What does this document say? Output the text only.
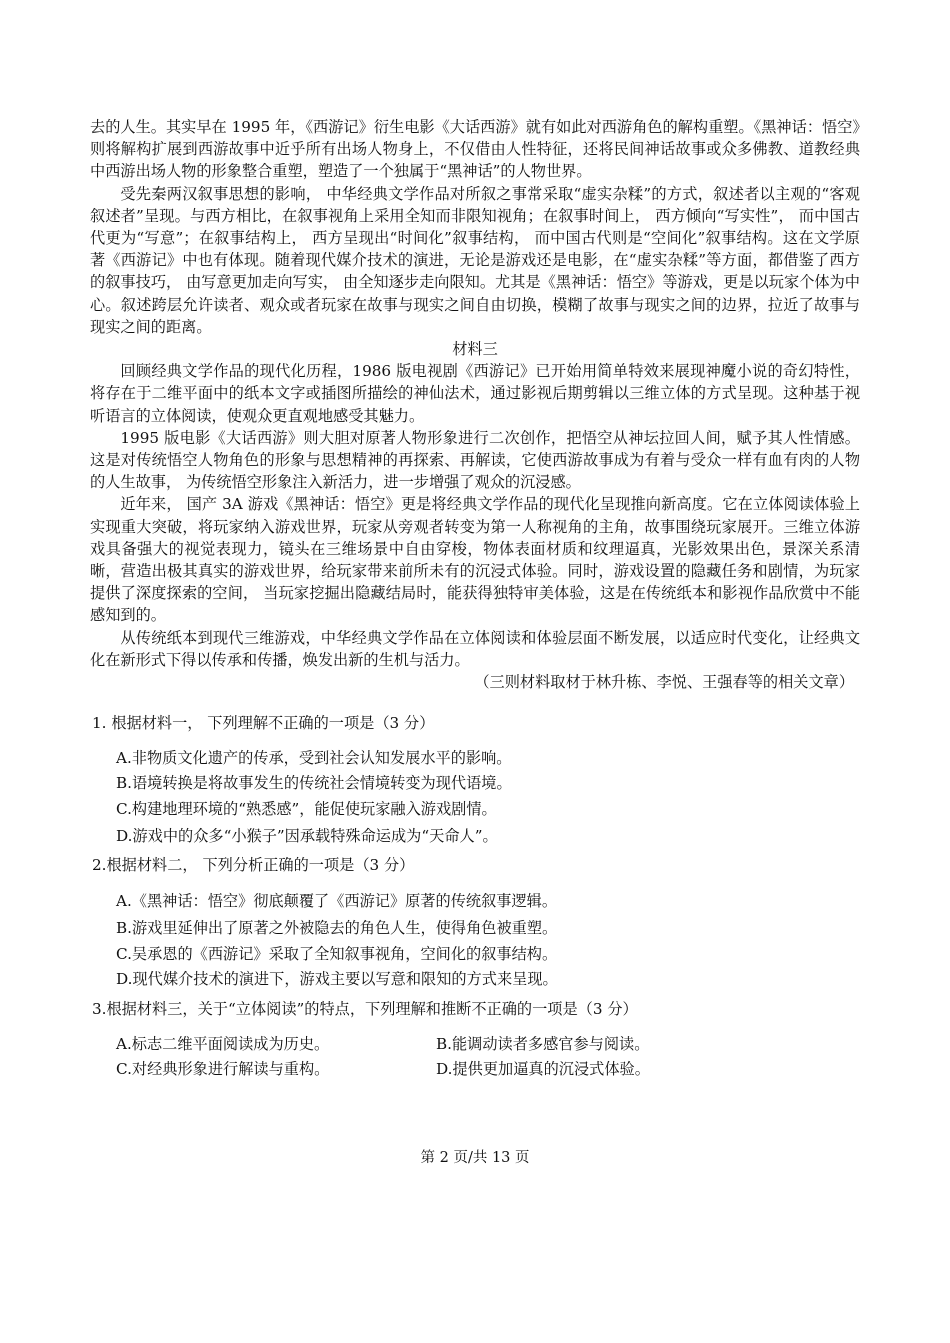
去的人生。其实早在 1995 年，《西游记》衍生电影《大话西游》就有如此对西游角色的解构重塑。《黑神话：悟空》则将解构扩展到西游故事中近乎所有出场人物身上，不仅借由人性特征，还将民间神话故事或众多佛教、道教经典中西游出场人物的形象整合重塑，塑造了一个独属于“黑神话”的人物世界。

受先秦两汉叙事思想的影响， 中华经典文学作品对所叙之事常采取“虚实杂糅”的方式，叙述者以主观的“客观叙述者”呈现。与西方相比，在叙事视角上采用全知而非限知视角；在叙事时间上， 西方倾向“写实性”， 而中国古代更为“写意”；在叙事结构上， 西方呈现出“时间化”叙事结构， 而中国古代则是“空间化”叙事结构。这在文学原著《西游记》中也有体现。随着现代媒介技术的演进，无论是游戏还是电影，在“虚实杂糅”等方面，都借鉴了西方的叙事技巧， 由写意更加走向写实， 由全知逐步走向限知。尤其是《黑神话：悟空》等游戏，更是以玩家个体为中心。叙述跨层允许读者、观众或者玩家在故事与现实之间自由切换，模糊了故事与现实之间的边界，拉近了故事与现实之间的距离。

材料三

回顾经典文学作品的现代化历程，1986 版电视剧《西游记》已开始用简单特效来展现神魔小说的奇幻特性，将存在于二维平面中的纸本文字或插图所描绘的神仙法术，通过影视后期剪辑以三维立体的方式呈现。这种基于视听语言的立体阅读，使观众更直观地感受其魅力。

1995 版电影《大话西游》则大胆对原著人物形象进行二次创作，把悟空从神坛拉回人间，赋予其人性情感。这是对传统悟空人物角色的形象与思想精神的再探索、再解读，它使西游故事成为有着与受众一样有血有肉的人物的人生故事， 为传统悟空形象注入新活力，进一步增强了观众的沉浸感。

近年来， 国产 3A 游戏《黑神话：悟空》更是将经典文学作品的现代化呈现推向新高度。它在立体阅读体验上实现重大突破，将玩家纳入游戏世界，玩家从旁观者转变为第一人称视角的主角，故事围绕玩家展开。三维立体游戏具备强大的视觉表现力，镜头在三维场景中自由穿梭，物体表面材质和纹理逼真，光影效果出色，景深关系清晰，营造出极其真实的游戏世界，给玩家带来前所未有的沉浸式体验。同时，游戏设置的隐藏任务和剧情，为玩家提供了深度探索的空间， 当玩家挖掘出隐藏结局时，能获得独特审美体验，这是在传统纸本和影视作品欣赏中不能感知到的。

从传统纸本到现代三维游戏，中华经典文学作品在立体阅读和体验层面不断发展，以适应时代变化，让经典文化在新形式下得以传承和传播，焕发出新的生机与活力。

（三则材料取材于林升栋、李悦、王强春等的相关文章）

1. 根据材料一， 下列理解不正确的一项是（3 分）
A.非物质文化遗产的传承，受到社会认知发展水平的影响。
B.语境转换是将故事发生的传统社会情境转变为现代语境。
C.构建地理环境的“熟悉感”，能促使玩家融入游戏剧情。
D.游戏中的众多“小猴子”因承载特殊命运成为“天命人”。
2.根据材料二， 下列分析正确的一项是（3 分）
A.《黑神话：悟空》彻底颠覆了《西游记》原著的传统叙事逻辑。
B.游戏里延伸出了原著之外被隐去的角色人生，使得角色被重塑。
C.吴承恩的《西游记》采取了全知叙事视角，空间化的叙事结构。
D.现代媒介技术的演进下，游戏主要以写意和限知的方式来呈现。
3.根据材料三，关于“立体阅读”的特点，下列理解和推断不正确的一项是（3 分）
A.标志二维平面阅读成为历史。	B.能调动读者多感官参与阅读。
C.对经典形象进行解读与重构。	D.提供更加逼真的沉浸式体验。
第 2 页/共 13 页
